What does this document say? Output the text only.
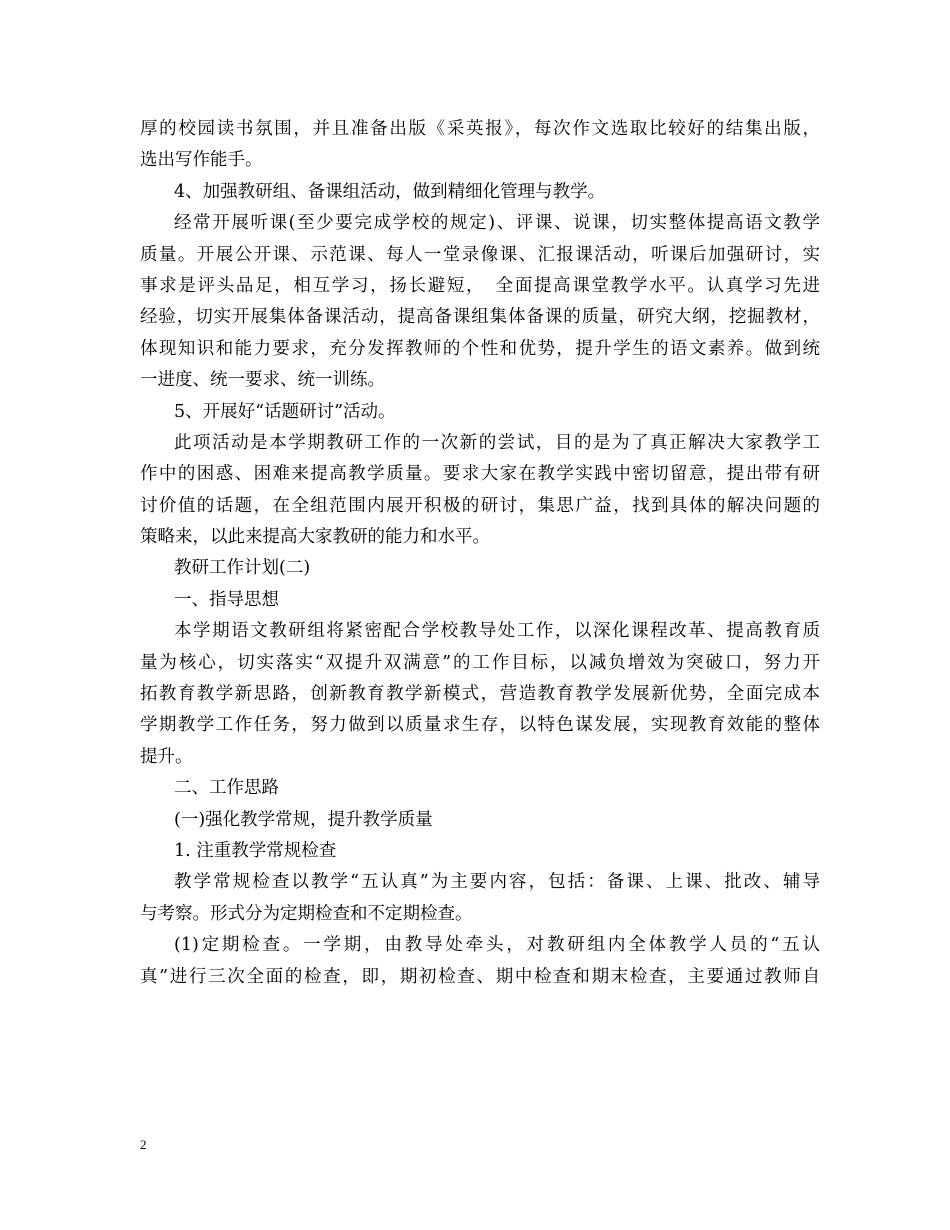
厚的校园读书氛围，并且准备出版《采英报》，每次作文选取比较好的结集出版，
选出写作能手。
4、加强教研组、备课组活动，做到精细化管理与教学。
经常开展听课(至少要完成学校的规定)、评课、说课，切实整体提高语文教学
质量。开展公开课、示范课、每人一堂录像课、汇报课活动，听课后加强研讨，实
事求是评头品足，相互学习，扬长避短，　全面提高课堂教学水平。认真学习先进
经验，切实开展集体备课活动，提高备课组集体备课的质量，研究大纲，挖掘教材，
体现知识和能力要求，充分发挥教师的个性和优势，提升学生的语文素养。做到统
一进度、统一要求、统一训练。
5、开展好“话题研讨”活动。
此项活动是本学期教研工作的一次新的尝试，目的是为了真正解决大家教学工
作中的困惑、困难来提高教学质量。要求大家在教学实践中密切留意，提出带有研
讨价值的话题，在全组范围内展开积极的研讨，集思广益，找到具体的解决问题的
策略来，以此来提高大家教研的能力和水平。
教研工作计划(二)
一、指导思想
本学期语文教研组将紧密配合学校教导处工作，以深化课程改革、提高教育质
量为核心，切实落实“双提升双满意”的工作目标，以减负增效为突破口，努力开
拓教育教学新思路，创新教育教学新模式，营造教育教学发展新优势，全面完成本
学期教学工作任务，努力做到以质量求生存，以特色谋发展，实现教育效能的整体
提升。
二、工作思路
(一)强化教学常规，提升教学质量
1. 注重教学常规检查
教学常规检查以教学“五认真”为主要内容，包括：备课、上课、批改、辅导
与考察。形式分为定期检查和不定期检查。
(1)定期检查。一学期，由教导处牵头，对教研组内全体教学人员的“五认
真”进行三次全面的检查，即，期初检查、期中检查和期末检查，主要通过教师自
2
